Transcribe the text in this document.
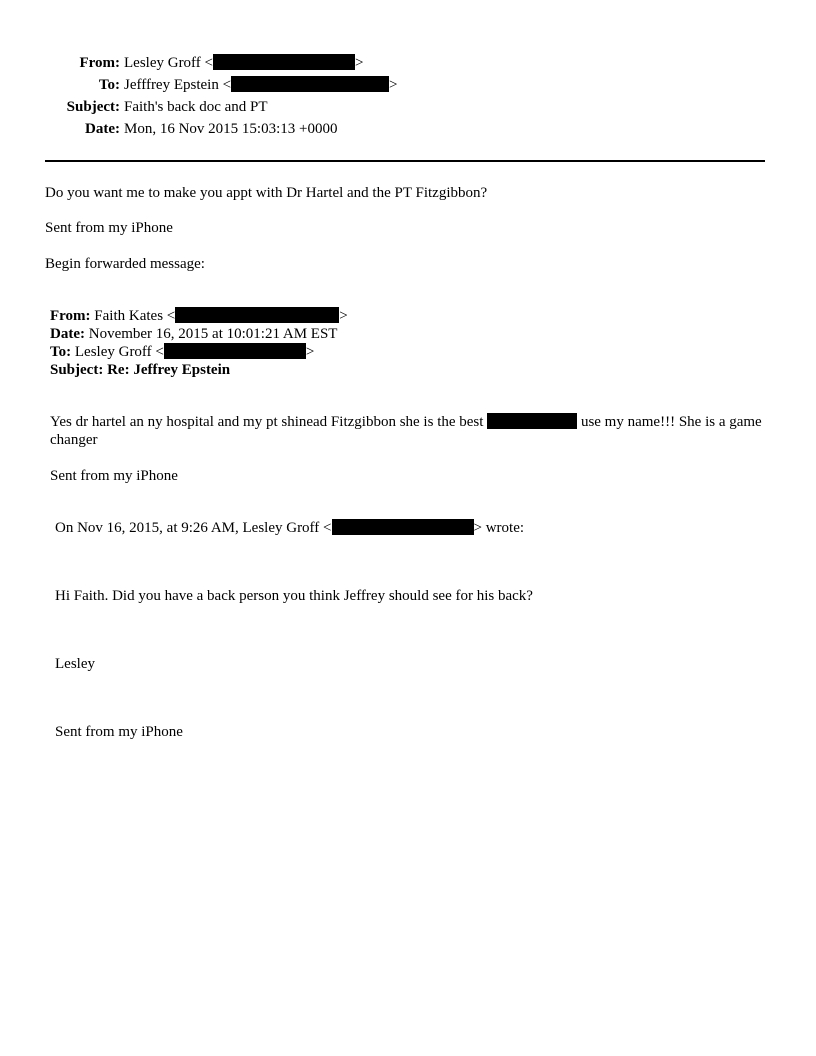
From: Lesley Groff <	>
To: Jefffrey Epstein <	>
Subject: Faith's back doc and PT
Date: Mon, 16 Nov 2015 15:03:13 +0000
Do you want me to make you appt with Dr Hartel and the PT Fitzgibbon?
Sent from my iPhone
Begin forwarded message:
From: Faith Kates <	>
Date: November 16, 2015 at 10:01:21 AM EST
To: Lesley Groff <	>
Subject: Re: Jeffrey Epstein
Yes dr hartel an ny hospital and my pt shinead Fitzgibbon she is the best	use my name!!! She is a game changer
Sent from my iPhone
On Nov 16, 2015, at 9:26 AM, Lesley Groff <	> wrote:
Hi Faith. Did you have a back person you think Jeffrey should see for his back?
Lesley
Sent from my iPhone
